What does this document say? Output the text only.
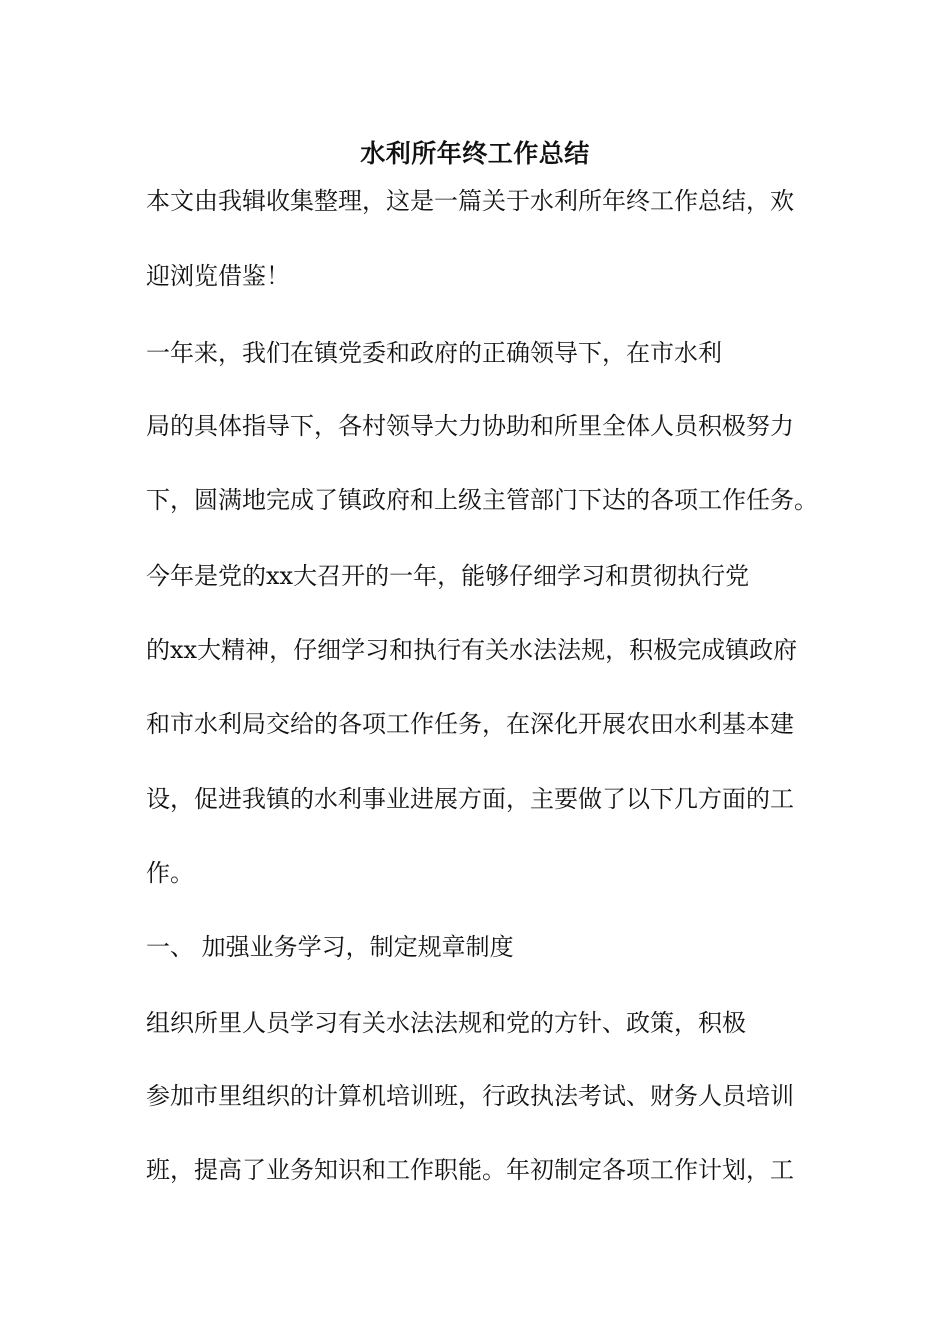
水利所年终工作总结
本文由我辑收集整理，这是一篇关于水利所年终工作总结，欢
迎浏览借鉴！
一年来，我们在镇党委和政府的正确领导下，在市水利
局的具体指导下，各村领导大力协助和所里全体人员积极努力
下，圆满地完成了镇政府和上级主管部门下达的各项工作任务。
今年是党的xx大召开的一年，能够仔细学习和贯彻执行党
的xx大精神，仔细学习和执行有关水法法规，积极完成镇政府
和市水利局交给的各项工作任务，在深化开展农田水利基本建
设，促进我镇的水利事业进展方面，主要做了以下几方面的工
作。
一、 加强业务学习，制定规章制度
组织所里人员学习有关水法法规和党的方针、政策，积极
参加市里组织的计算机培训班，行政执法考试、财务人员培训
班，提高了业务知识和工作职能。年初制定各项工作计划，工
